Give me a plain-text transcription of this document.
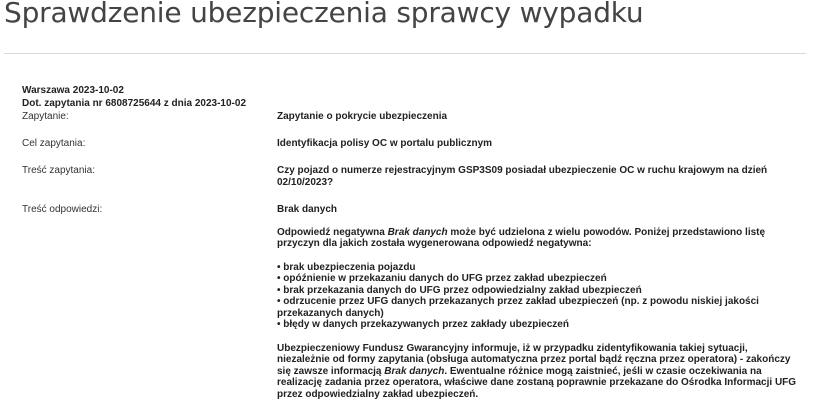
Sprawdzenie ubezpieczenia sprawcy wypadku
Warszawa 2023-10-02
Dot. zapytania nr 6808725644 z dnia 2023-10-02
Zapytanie:	Zapytanie o pokrycie ubezpieczenia
Cel zapytania:	Identyfikacja polisy OC w portalu publicznym
Treść zapytania:	Czy pojazd o numerze rejestracyjnym GSP3S09 posiadał ubezpieczenie OC w ruchu krajowym na dzień 02/10/2023?
Treść odpowiedzi:	Brak danych

Odpowiedź negatywna Brak danych może być udzielona z wielu powodów. Poniżej przedstawiono listę przyczyn dla jakich została wygenerowana odpowiedź negatywna:

• brak ubezpieczenia pojazdu
• opóźnienie w przekazaniu danych do UFG przez zakład ubezpieczeń
• brak przekazania danych do UFG przez odpowiedzialny zakład ubezpieczeń
• odrzucenie przez UFG danych przekazanych przez zakład ubezpieczeń (np. z powodu niskiej jakości przekazanych danych)
• błędy w danych przekazywanych przez zakłady ubezpieczeń

Ubezpieczeniowy Fundusz Gwarancyjny informuje, iż w przypadku zidentyfikowania takiej sytuacji, niezależnie od formy zapytania (obsługa automatyczna przez portal bądź ręczna przez operatora) - zakończy się zawsze informacją Brak danych. Ewentualne różnice mogą zaistnieć, jeśli w czasie oczekiwania na realizację zadania przez operatora, właściwe dane zostaną poprawnie przekazane do Ośrodka Informacji UFG przez odpowiedzialny zakład ubezpieczeń.
